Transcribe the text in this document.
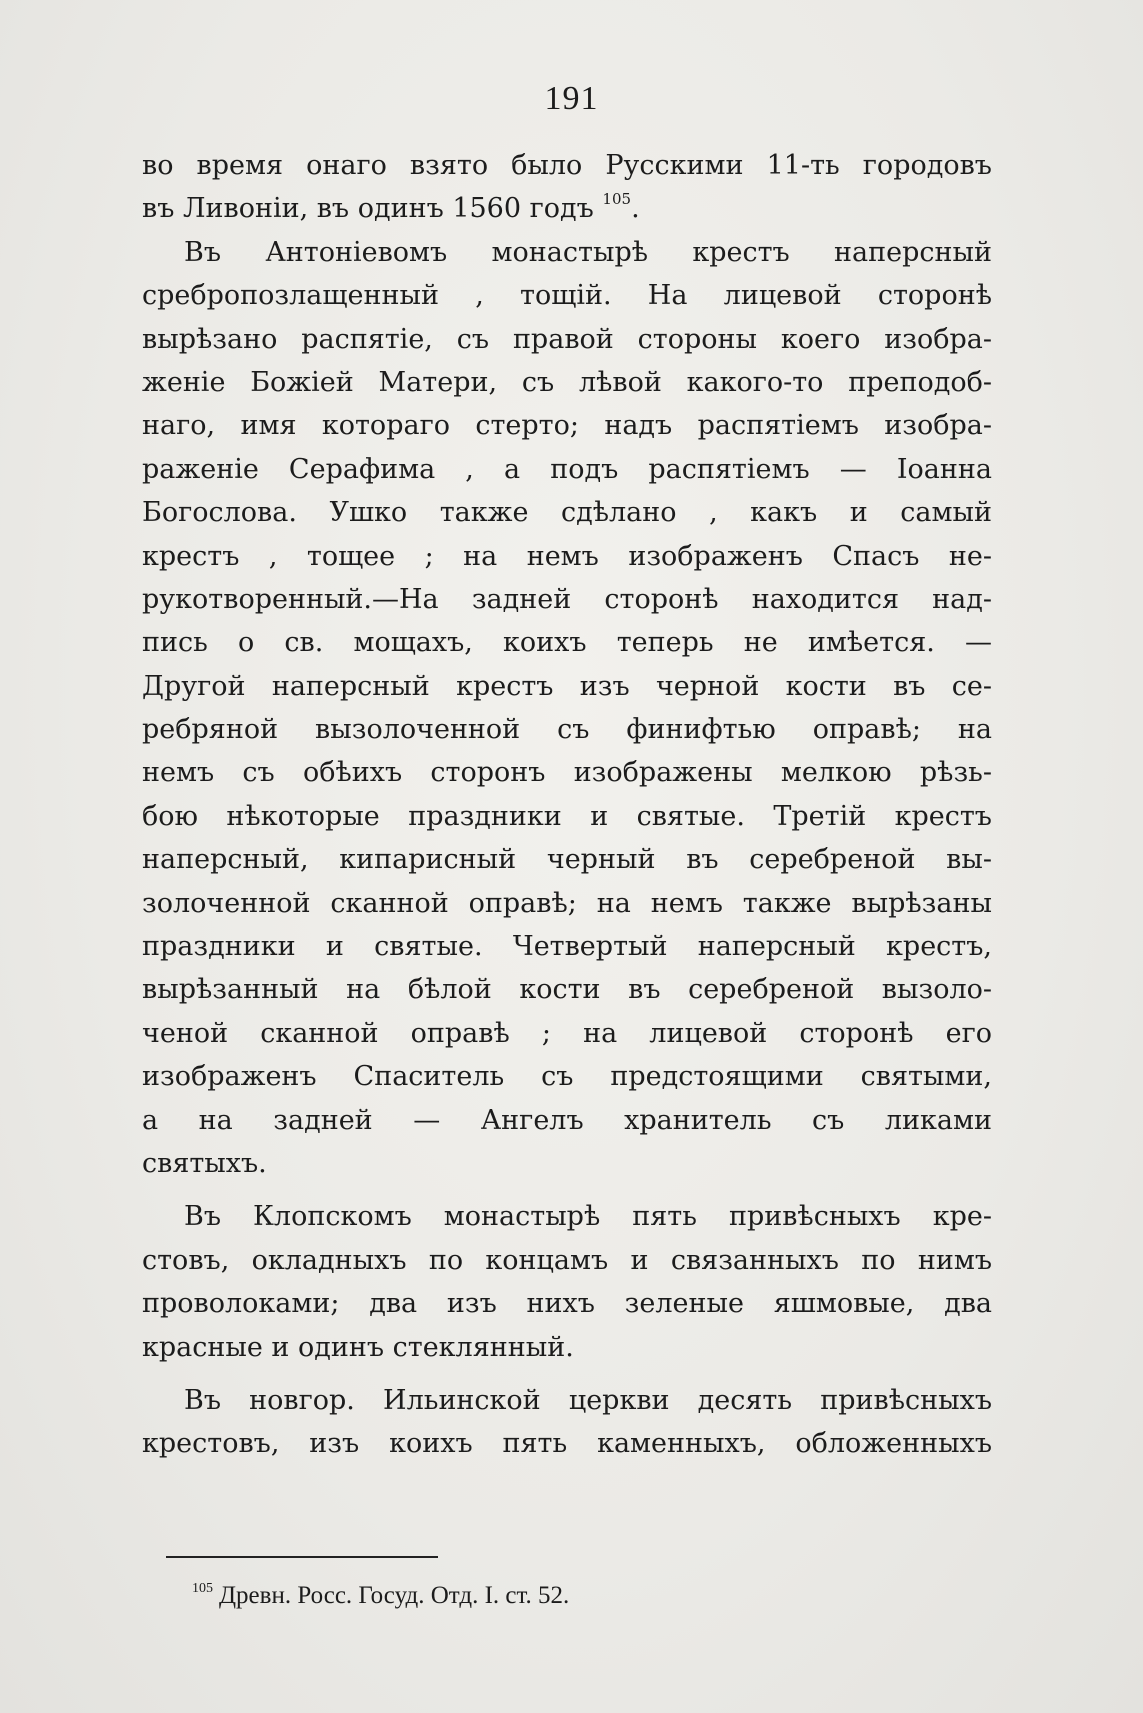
191
во время онаго взято было Русскими 11-ть городовъ
въ Ливоніи, въ одинъ 1560 годъ $^{105}$.
Въ Антоніевомъ монастырѣ крестъ наперсный
сребропозлащенный , тощій. На лицевой сторонѣ
вырѣзано распятіе, съ правой стороны коего изобра-
женіе Божіей Матери, съ лѣвой какого-то преподоб-
наго, имя котораго стерто; надъ распятіемъ изобра-
раженіе Серафима , а подъ распятіемъ — Іоанна
Богослова. Ушко также сдѣлано , какъ и самый
крестъ , тощее ; на немъ изображенъ Спасъ не-
рукотворенный.—На задней сторонѣ находится над-
пись о св. мощахъ, коихъ теперь не имѣется. —
Другой наперсный крестъ изъ черной кости въ се-
ребряной вызолоченной съ финифтью оправѣ; на
немъ съ обѣихъ сторонъ изображены мелкою рѣзь-
бою нѣкоторые праздники и святые. Третій крестъ
наперсный, кипарисный черный въ серебреной вы-
золоченной сканной оправѣ; на немъ также вырѣзаны
праздники и святые. Четвертый наперсный крестъ,
вырѣзанный на бѣлой кости въ серебреной вызоло-
ченой сканной оправѣ ; на лицевой сторонѣ его
изображенъ Спаситель съ предстоящими святыми,
а на задней — Ангелъ хранитель съ ликами
святыхъ.
Въ Клопскомъ монастырѣ пять привѣсныхъ кре-
стовъ, окладныхъ по концамъ и связанныхъ по нимъ
проволоками; два изъ нихъ зеленые яшмовые, два
красные и одинъ стеклянный.
Въ новгор. Ильинской церкви десять привѣсныхъ
крестовъ, изъ коихъ пять каменныхъ, обложенныхъ
$^{105}$ Древн. Росс. Госуд. Отд. I. ст. 52.
